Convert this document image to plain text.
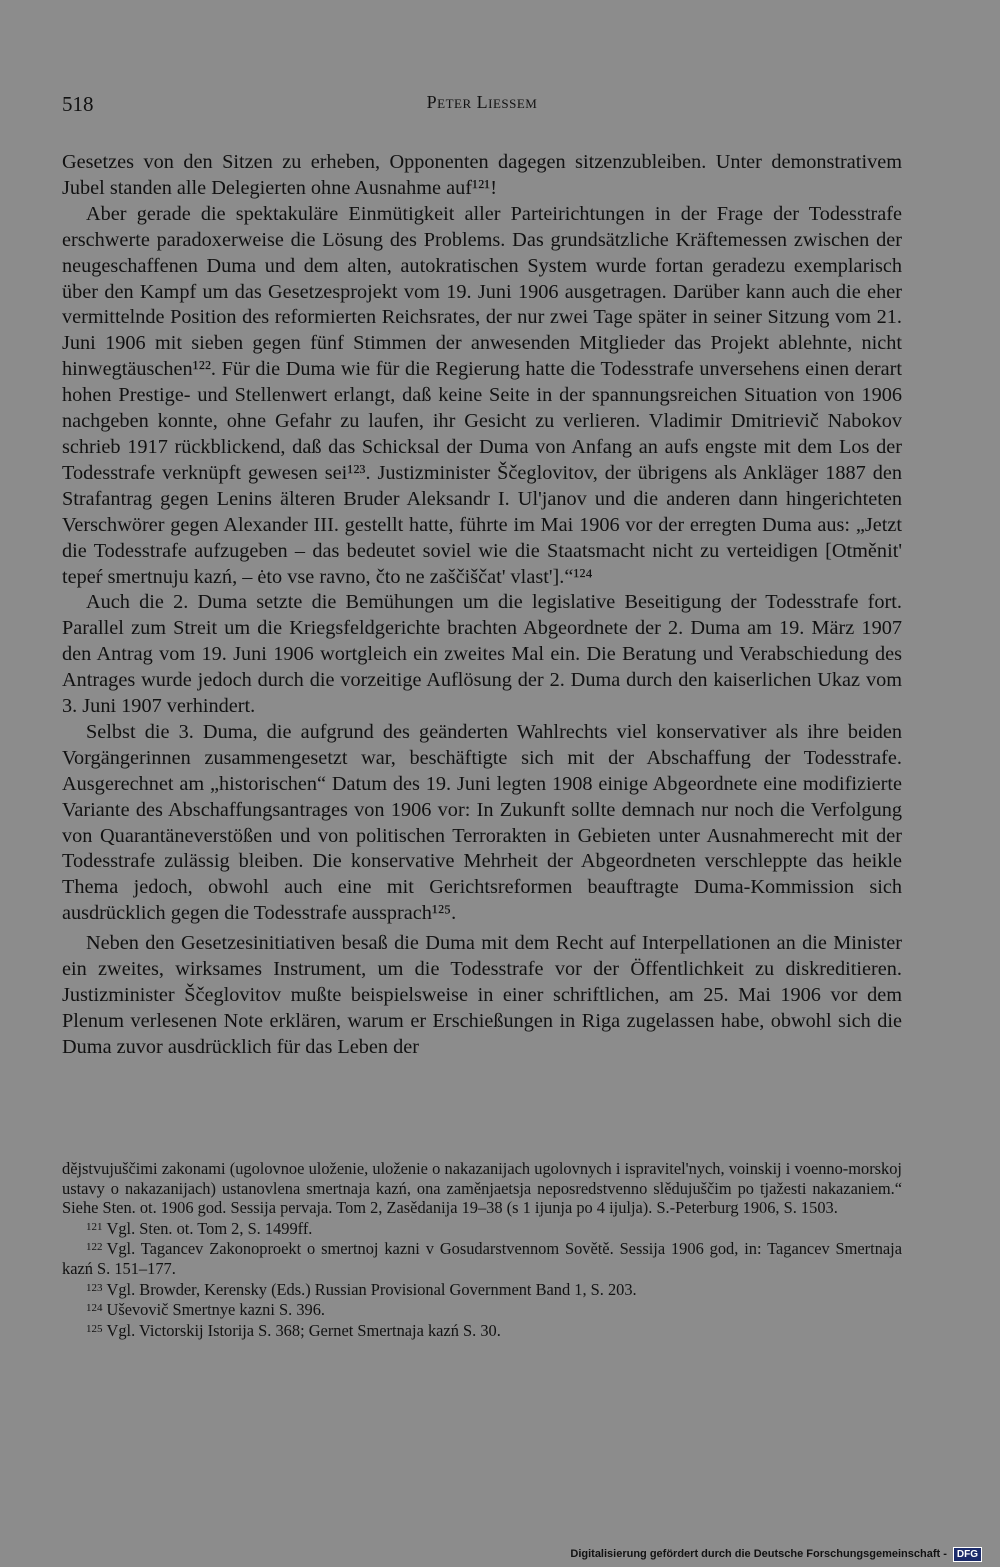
518	Peter Liessem

Gesetzes von den Sitzen zu erheben, Opponenten dagegen sitzenzubleiben. Unter demonstrativem Jubel standen alle Delegierten ohne Ausnahme auf¹²¹!

Aber gerade die spektakuläre Einmütigkeit aller Parteirichtungen in der Frage der Todesstrafe erschwerte paradoxerweise die Lösung des Problems. Das grundsätzliche Kräftemessen zwischen der neugeschaffenen Duma und dem alten, autokratischen System wurde fortan geradezu exemplarisch über den Kampf um das Gesetzesprojekt vom 19. Juni 1906 ausgetragen. Darüber kann auch die eher vermittelnde Position des reformierten Reichsrates, der nur zwei Tage später in seiner Sitzung vom 21. Juni 1906 mit sieben gegen fünf Stimmen der anwesenden Mitglieder das Projekt ablehnte, nicht hinwegtäuschen¹²². Für die Duma wie für die Regierung hatte die Todesstrafe unversehens einen derart hohen Prestige- und Stellenwert erlangt, daß keine Seite in der spannungsreichen Situation von 1906 nachgeben konnte, ohne Gefahr zu laufen, ihr Gesicht zu verlieren. Vladimir Dmitrievič Nabokov schrieb 1917 rückblickend, daß das Schicksal der Duma von Anfang an aufs engste mit dem Los der Todesstrafe verknüpft gewesen sei¹²³. Justizminister Ščeglovitov, der übrigens als Ankläger 1887 den Strafantrag gegen Lenins älteren Bruder Aleksandr I. Ul'janov und die anderen dann hingerichteten Verschwörer gegen Alexander III. gestellt hatte, führte im Mai 1906 vor der erregten Duma aus: „Jetzt die Todesstrafe aufzugeben – das bedeutet soviel wie die Staatsmacht nicht zu verteidigen [Otměnit' tepeŕ smertnuju kazń, – ėto vse ravno, čto ne zaščiščat' vlast'].“¹²⁴

Auch die 2. Duma setzte die Bemühungen um die legislative Beseitigung der Todesstrafe fort. Parallel zum Streit um die Kriegsfeldgerichte brachten Abgeordnete der 2. Duma am 19. März 1907 den Antrag vom 19. Juni 1906 wortgleich ein zweites Mal ein. Die Beratung und Verabschiedung des Antrages wurde jedoch durch die vorzeitige Auflösung der 2. Duma durch den kaiserlichen Ukaz vom 3. Juni 1907 verhindert.

Selbst die 3. Duma, die aufgrund des geänderten Wahlrechts viel konservativer als ihre beiden Vorgängerinnen zusammengesetzt war, beschäftigte sich mit der Abschaffung der Todesstrafe. Ausgerechnet am „historischen“ Datum des 19. Juni legten 1908 einige Abgeordnete eine modifizierte Variante des Abschaffungsantrages von 1906 vor: In Zukunft sollte demnach nur noch die Verfolgung von Quarantäneverstößen und von politischen Terrorakten in Gebieten unter Ausnahmerecht mit der Todesstrafe zulässig bleiben. Die konservative Mehrheit der Abgeordneten verschleppte das heikle Thema jedoch, obwohl auch eine mit Gerichtsreformen beauftragte Duma-Kommission sich ausdrücklich gegen die Todesstrafe aussprach¹²⁵.

Neben den Gesetzesinitiativen besaß die Duma mit dem Recht auf Interpellationen an die Minister ein zweites, wirksames Instrument, um die Todesstrafe vor der Öffentlichkeit zu diskreditieren. Justizminister Ščeglovitov mußte beispielsweise in einer schriftlichen, am 25. Mai 1906 vor dem Plenum verlesenen Note erklären, warum er Erschießungen in Riga zugelassen habe, obwohl sich die Duma zuvor ausdrücklich für das Leben der

dějstvujuščimi zakonami (ugolovnoe uloženie, uloženie o nakazanijach ugolovnych i ispravitel'nych, voinskij i voenno-morskoj ustavy o nakazanijach) ustanovlena smertnaja kazń, ona zaměnjaetsja neposredstvenno slědujuščim po tjažesti nakazaniem.“ Siehe Sten. ot. 1906 god. Sessija pervaja. Tom 2, Zasědanija 19–38 (s 1 ijunja po 4 ijulja). S.-Peterburg 1906, S. 1503.

$^{121}$ Vgl. Sten. ot. Tom 2, S. 1499ff.

$^{122}$ Vgl. Tagancev Zakonoproekt o smertnoj kazni v Gosudarstvennom Sovětě. Sessija 1906 god, in: Tagancev Smertnaja kazń S. 151–177.

$^{123}$ Vgl. Browder, Kerensky (Eds.) Russian Provisional Government Band 1, S. 203.

$^{124}$ Uševovič Smertnye kazni S. 396.

$^{125}$ Vgl. Victorskij Istorija S. 368; Gernet Smertnaja kazń S. 30.

Digitalisierung gefördert durch die Deutsche Forschungsgemeinschaft -	DFG
